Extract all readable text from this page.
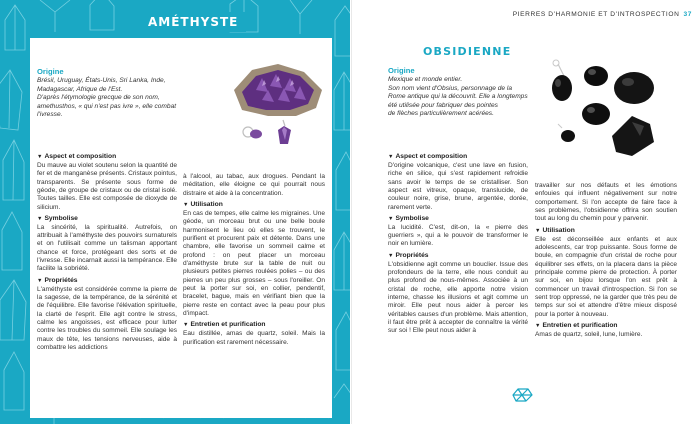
AMÉTHYSTE
Origine
Brésil, Uruguay, États-Unis, Sri Lanka, Inde,
Madagascar, Afrique de l'Est.
D'après l'étymologie grecque de son nom,
amethusthos, « qui n'est pas ivre », elle combat l'ivresse.
▼ Aspect et composition

Du mauve au violet soutenu selon la quantité de fer et de manganèse présents. Cristaux pointus, transparents. Se présente sous forme de géode, de groupe de cristaux ou de cristal isolé. Toutes tailles. Elle est composée de dioxyde de silicium.

▼ Symbolise

La sincérité, la spiritualité. Autrefois, on attribuait à l'améthyste des pouvoirs surnaturels et on l'utilisait comme un talisman apportant chance et force, protégeant des sorts et de l'ivresse. Elle incarnait aussi la tempérance. Elle facilite la sobriété.

▼ Propriétés

L'améthyste est considérée comme la pierre de la sagesse, de la tempérance, de la sérénité et de l'équilibre. Elle favorise l'élévation spirituelle, la clarté de l'esprit. Elle agit contre le stress, calme les angoisses, est efficace pour lutter contre les troubles du sommeil. Elle soulage les maux de tête, les tensions nerveuses, aide à combattre les addictions

à l'alcool, au tabac, aux drogues. Pendant la méditation, elle éloigne ce qui pourrait nous distraire et aide à la concentration.

▼ Utilisation

En cas de tempes, elle calme les migraines. Une géode, un morceau brut ou une belle boule harmonisent le lieu où elles se trouvent, le purifient et procurent paix et détente. Dans une chambre, elle favorise un sommeil calme et profond : on peut placer un morceau d'améthyste brute sur la table de nuit ou plusieurs petites pierres roulées polies – ou des pierres un peu plus grosses – sous l'oreiller. On peut la porter sur soi, en collier, pendentif, bracelet, bague, mais en vérifiant bien que la pierre reste en contact avec la peau pour plus d'impact.

▼ Entretien et purification

Eau distillée, amas de quartz, soleil. Mais la purification est rarement nécessaire.

PIERRES D'HARMONIE ET D'INTROSPECTION 37
OBSIDIENNE
Origine
Mexique et monde entier.
Son nom vient d'Obsius, personnage de la
Rome antique qui la découvrit. Elle a longtemps été utilisée pour fabriquer des pointes
de flèches particulièrement acérées.
▼ Aspect et composition

D'origine volcanique, c'est une lave en fusion, riche en silice, qui s'est rapidement refroidie sans avoir le temps de se cristalliser. Son aspect est vitreux, opaque, translucide, de couleur noire, grise, brune, argentée, dorée, rarement verte.

▼ Symbolise

La lucidité. C'est, dit-on, la « pierre des guerriers », qui a le pouvoir de transformer le noir en lumière.

▼ Propriétés

L'obsidienne agit comme un bouclier. Issue des profondeurs de la terre, elle nous conduit au plus profond de nous-mêmes. Associée à un cristal de roche, elle apporte notre vision interne, chasse les illusions et agit comme un miroir. Elle peut nous aider à percer les véritables causes d'un problème. Mais attention, il faut être prêt à accepter de connaître la vérité sur soi ! Elle peut nous aider à

travailler sur nos défauts et les émotions enfouies qui influent négativement sur notre comportement. Si l'on accepte de faire face à ses problèmes, l'obsidienne offrira son soutien tout au long du chemin pour y parvenir.

▼ Utilisation

Elle est déconseillée aux enfants et aux adolescents, car trop puissante. Sous forme de boule, en compagnie d'un cristal de roche pour équilibrer ses effets, on la placera dans la pièce principale comme pierre de protection. À porter sur soi, en bijou lorsque l'on est prêt à commencer un travail d'introspection. Si l'on se sent trop oppressé, ne la garder que très peu de temps sur soi et attendre d'être mieux disposé pour la porter à nouveau.

▼ Entretien et purification

Amas de quartz, soleil, lune, lumière.
